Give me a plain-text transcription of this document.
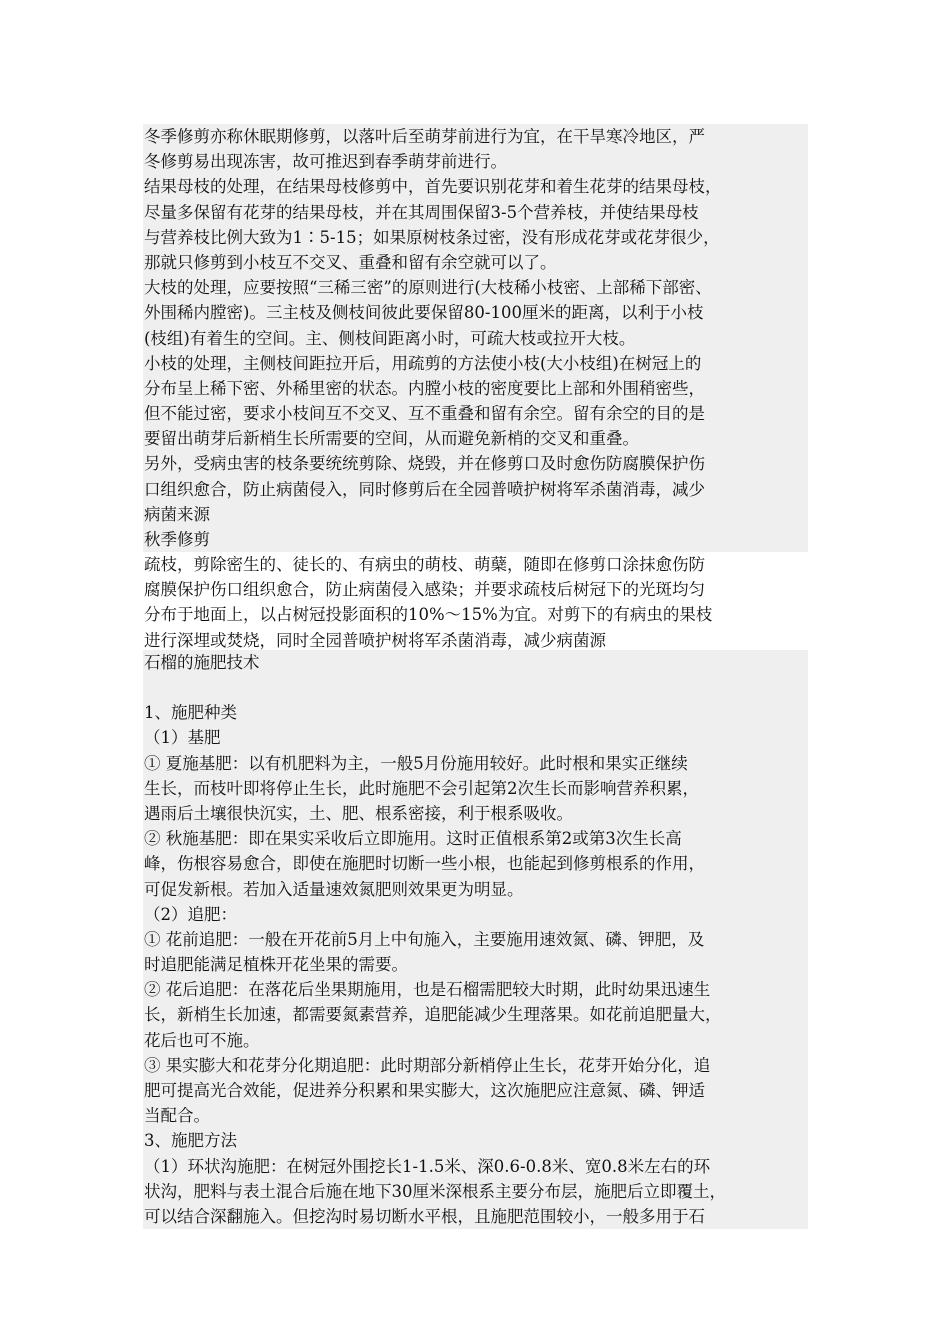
冬季修剪亦称休眠期修剪，以落叶后至萌芽前进行为宜，在干旱寒冷地区，严
冬修剪易出现冻害，故可推迟到春季萌芽前进行。
结果母枝的处理，在结果母枝修剪中，首先要识别花芽和着生花芽的结果母枝，
尽量多保留有花芽的结果母枝，并在其周围保留3-5个营养枝，并使结果母枝
与营养枝比例大致为1∶5-15；如果原树枝条过密，没有形成花芽或花芽很少，
那就只修剪到小枝互不交叉、重叠和留有余空就可以了。
大枝的处理，应要按照“三稀三密”的原则进行(大枝稀小枝密、上部稀下部密、
外围稀内膛密)。三主枝及侧枝间彼此要保留80-100厘米的距离，以利于小枝
(枝组)有着生的空间。主、侧枝间距离小时，可疏大枝或拉开大枝。
小枝的处理，主侧枝间距拉开后，用疏剪的方法使小枝(大小枝组)在树冠上的
分布呈上稀下密、外稀里密的状态。内膛小枝的密度要比上部和外围稍密些，
但不能过密，要求小枝间互不交叉、互不重叠和留有余空。留有余空的目的是
要留出萌芽后新梢生长所需要的空间，从而避免新梢的交叉和重叠。
另外，受病虫害的枝条要统统剪除、烧毁，并在修剪口及时愈伤防腐膜保护伤
口组织愈合，防止病菌侵入，同时修剪后在全园普喷护树将军杀菌消毒，减少
病菌来源
秋季修剪
疏枝，剪除密生的、徒长的、有病虫的萌枝、萌蘖，随即在修剪口涂抹愈伤防
腐膜保护伤口组织愈合，防止病菌侵入感染；并要求疏枝后树冠下的光斑均匀
分布于地面上，以占树冠投影面积的10%～15%为宜。对剪下的有病虫的果枝
进行深埋或焚烧，同时全园普喷护树将军杀菌消毒，减少病菌源
石榴的施肥技术
1、施肥种类
（1）基肥
① 夏施基肥：以有机肥料为主，一般5月份施用较好。此时根和果实正继续
生长，而枝叶即将停止生长，此时施肥不会引起第2次生长而影响营养积累，
遇雨后土壤很快沉实，土、肥、根系密接，利于根系吸收。
② 秋施基肥：即在果实采收后立即施用。这时正值根系第2或第3次生长高
峰，伤根容易愈合，即使在施肥时切断一些小根，也能起到修剪根系的作用，
可促发新根。若加入适量速效氮肥则效果更为明显。
（2）追肥：
① 花前追肥：一般在开花前5月上中旬施入，主要施用速效氮、磷、钾肥，及
时追肥能满足植株开花坐果的需要。
② 花后追肥：在落花后坐果期施用，也是石榴需肥较大时期，此时幼果迅速生
长，新梢生长加速，都需要氮素营养，追肥能减少生理落果。如花前追肥量大，
花后也可不施。
③ 果实膨大和花芽分化期追肥：此时期部分新梢停止生长，花芽开始分化，追
肥可提高光合效能，促进养分积累和果实膨大，这次施肥应注意氮、磷、钾适
当配合。
3、施肥方法
（1）环状沟施肥：在树冠外围挖长1-1.5米、深0.6-0.8米、宽0.8米左右的环
状沟，肥料与表土混合后施在地下30厘米深根系主要分布层，施肥后立即覆土，
可以结合深翻施入。但挖沟时易切断水平根，且施肥范围较小，一般多用于石
